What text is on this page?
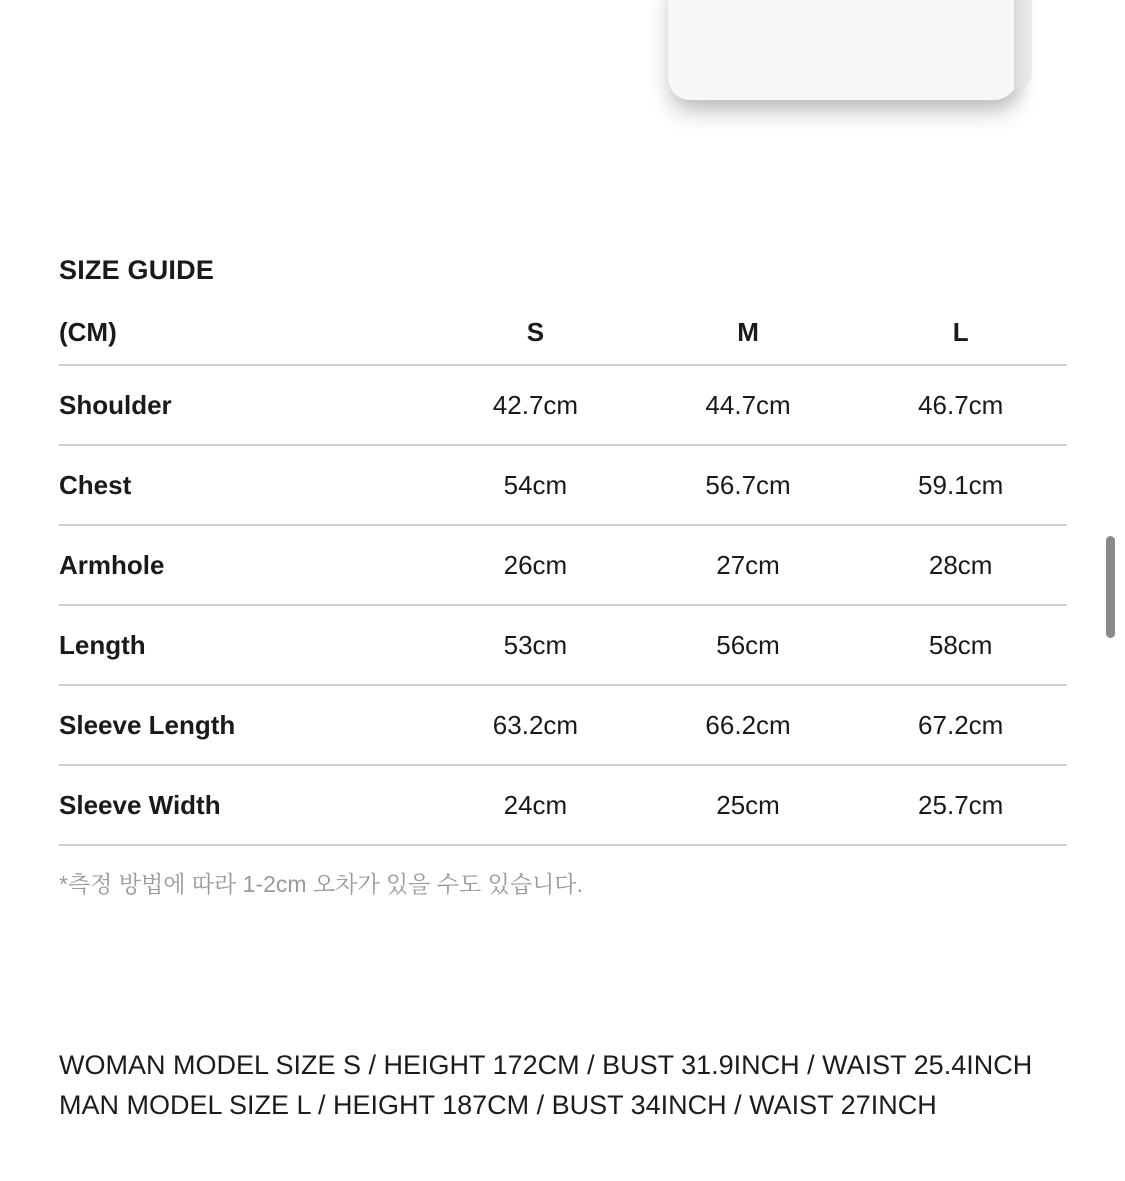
SIZE GUIDE
(CM)	S	M	L
Shoulder	42.7cm	44.7cm	46.7cm
Chest	54cm	56.7cm	59.1cm
Armhole	26cm	27cm	28cm
Length	53cm	56cm	58cm
Sleeve Length	63.2cm	66.2cm	67.2cm
Sleeve Width	24cm	25cm	25.7cm
*측정 방법에 따라 1-2cm 오차가 있을 수도 있습니다.
WOMAN MODEL SIZE S / HEIGHT 172CM / BUST 31.9INCH / WAIST 25.4INCH
MAN MODEL SIZE L / HEIGHT 187CM / BUST 34INCH / WAIST 27INCH
